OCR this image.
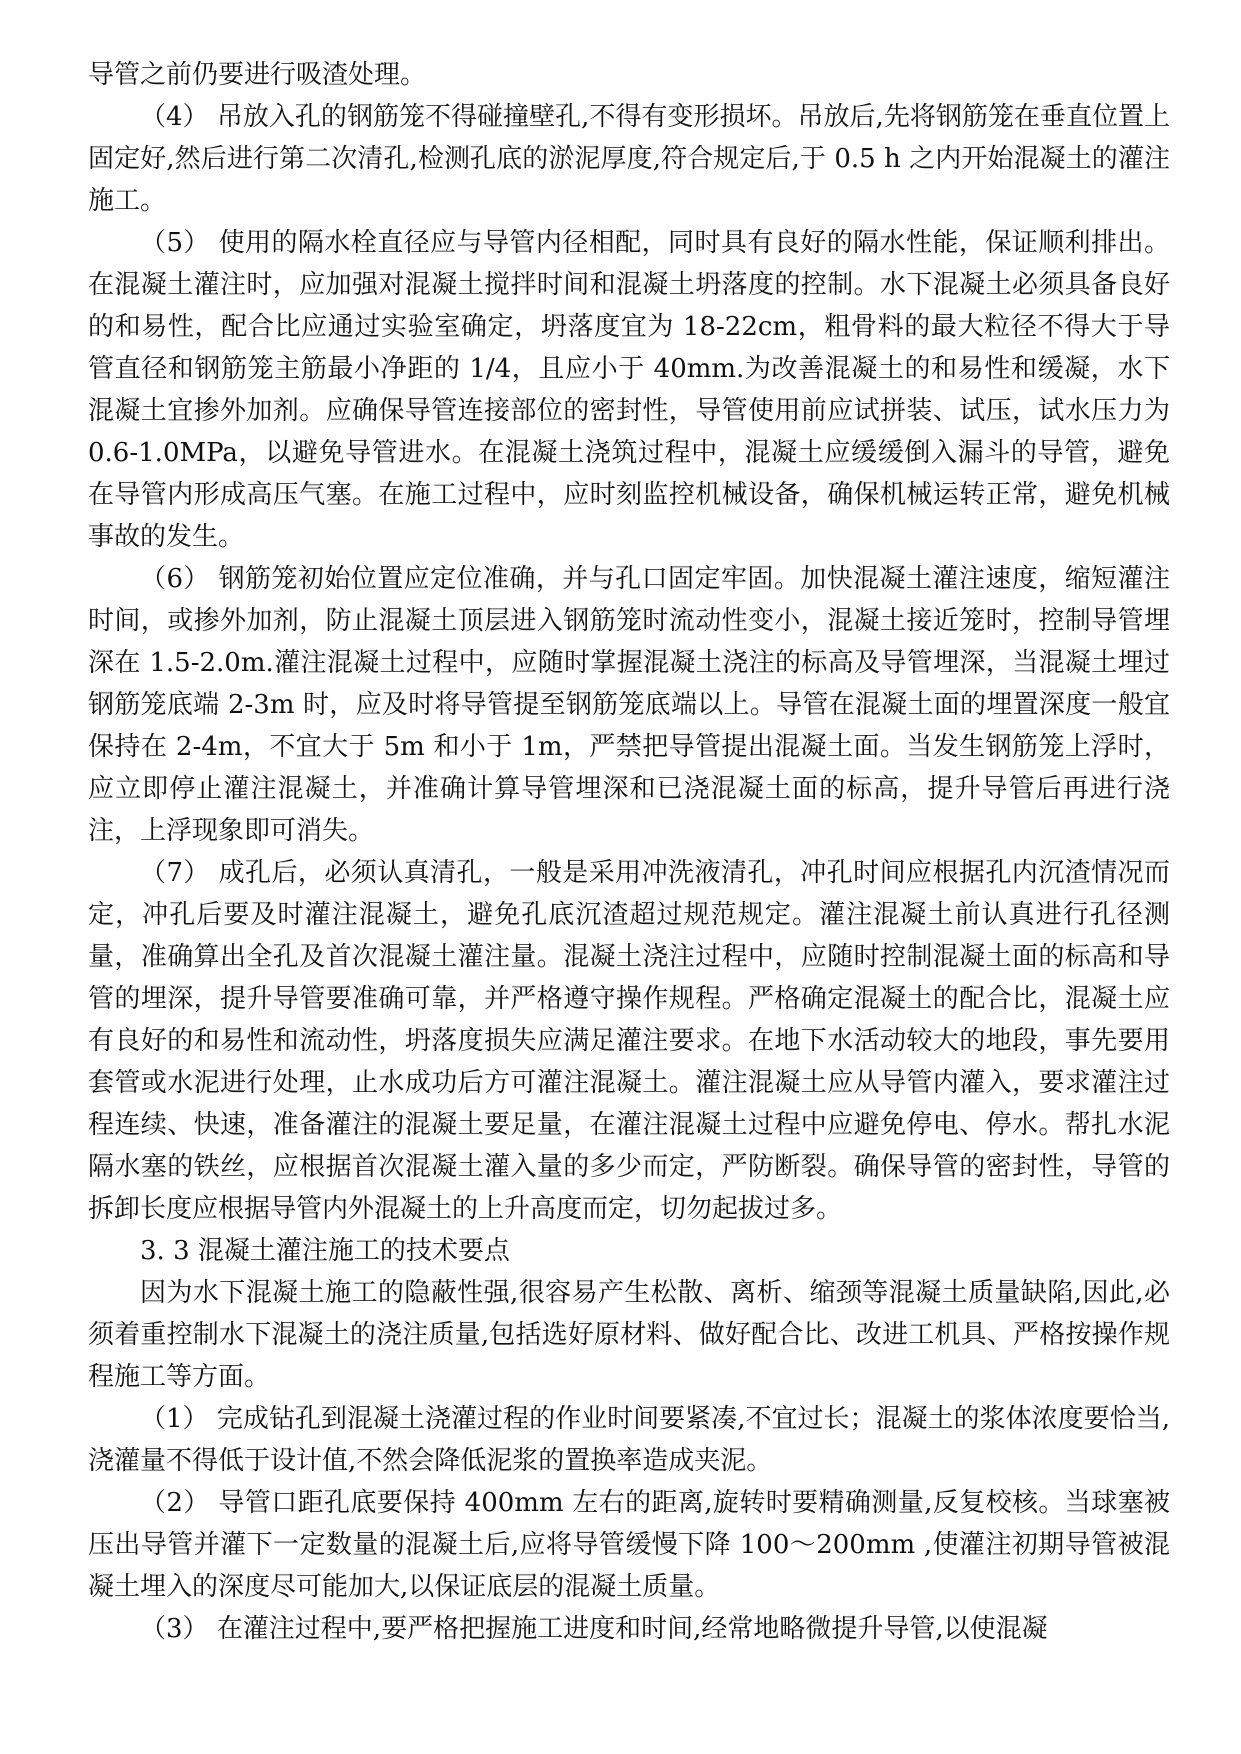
导管之前仍要进行吸渣处理。

（4） 吊放入孔的钢筋笼不得碰撞壁孔,不得有变形损坏。吊放后,先将钢筋笼在垂直位置上固定好,然后进行第二次清孔,检测孔底的淤泥厚度,符合规定后,于 0.5 h 之内开始混凝土的灌注施工。

（5） 使用的隔水栓直径应与导管内径相配，同时具有良好的隔水性能，保证顺利排出。在混凝土灌注时，应加强对混凝土搅拌时间和混凝土坍落度的控制。水下混凝土必须具备良好的和易性，配合比应通过实验室确定，坍落度宜为 18-22cm，粗骨料的最大粒径不得大于导管直径和钢筋笼主筋最小净距的 1/4，且应小于 40mm.为改善混凝土的和易性和缓凝，水下混凝土宜掺外加剂。应确保导管连接部位的密封性，导管使用前应试拼装、试压，试水压力为 0.6-1.0MPa，以避免导管进水。在混凝土浇筑过程中，混凝土应缓缓倒入漏斗的导管，避免在导管内形成高压气塞。在施工过程中，应时刻监控机械设备，确保机械运转正常，避免机械事故的发生。

（6） 钢筋笼初始位置应定位准确，并与孔口固定牢固。加快混凝土灌注速度，缩短灌注时间，或掺外加剂，防止混凝土顶层进入钢筋笼时流动性变小，混凝土接近笼时，控制导管埋深在 1.5-2.0m.灌注混凝土过程中，应随时掌握混凝土浇注的标高及导管埋深，当混凝土埋过钢筋笼底端 2-3m 时，应及时将导管提至钢筋笼底端以上。导管在混凝土面的埋置深度一般宜保持在 2-4m，不宜大于 5m 和小于 1m，严禁把导管提出混凝土面。当发生钢筋笼上浮时，应立即停止灌注混凝土，并准确计算导管埋深和已浇混凝土面的标高，提升导管后再进行浇注，上浮现象即可消失。

（7） 成孔后，必须认真清孔，一般是采用冲洗液清孔，冲孔时间应根据孔内沉渣情况而定，冲孔后要及时灌注混凝土，避免孔底沉渣超过规范规定。灌注混凝土前认真进行孔径测量，准确算出全孔及首次混凝土灌注量。混凝土浇注过程中，应随时控制混凝土面的标高和导管的埋深，提升导管要准确可靠，并严格遵守操作规程。严格确定混凝土的配合比，混凝土应有良好的和易性和流动性，坍落度损失应满足灌注要求。在地下水活动较大的地段，事先要用套管或水泥进行处理，止水成功后方可灌注混凝土。灌注混凝土应从导管内灌入，要求灌注过程连续、快速，准备灌注的混凝土要足量，在灌注混凝土过程中应避免停电、停水。帮扎水泥隔水塞的铁丝，应根据首次混凝土灌入量的多少而定，严防断裂。确保导管的密封性，导管的拆卸长度应根据导管内外混凝土的上升高度而定，切勿起拔过多。

3. 3 混凝土灌注施工的技术要点

因为水下混凝土施工的隐蔽性强,很容易产生松散、离析、缩颈等混凝土质量缺陷,因此,必须着重控制水下混凝土的浇注质量,包括选好原材料、做好配合比、改进工机具、严格按操作规程施工等方面。

（1） 完成钻孔到混凝土浇灌过程的作业时间要紧凑,不宜过长；混凝土的浆体浓度要恰当,浇灌量不得低于设计值,不然会降低泥浆的置换率造成夹泥。

（2） 导管口距孔底要保持 400mm 左右的距离,旋转时要精确测量,反复校核。当球塞被压出导管并灌下一定数量的混凝土后,应将导管缓慢下降 100～200mm ,使灌注初期导管被混凝土埋入的深度尽可能加大,以保证底层的混凝土质量。

（3） 在灌注过程中,要严格把握施工进度和时间,经常地略微提升导管,以使混凝
